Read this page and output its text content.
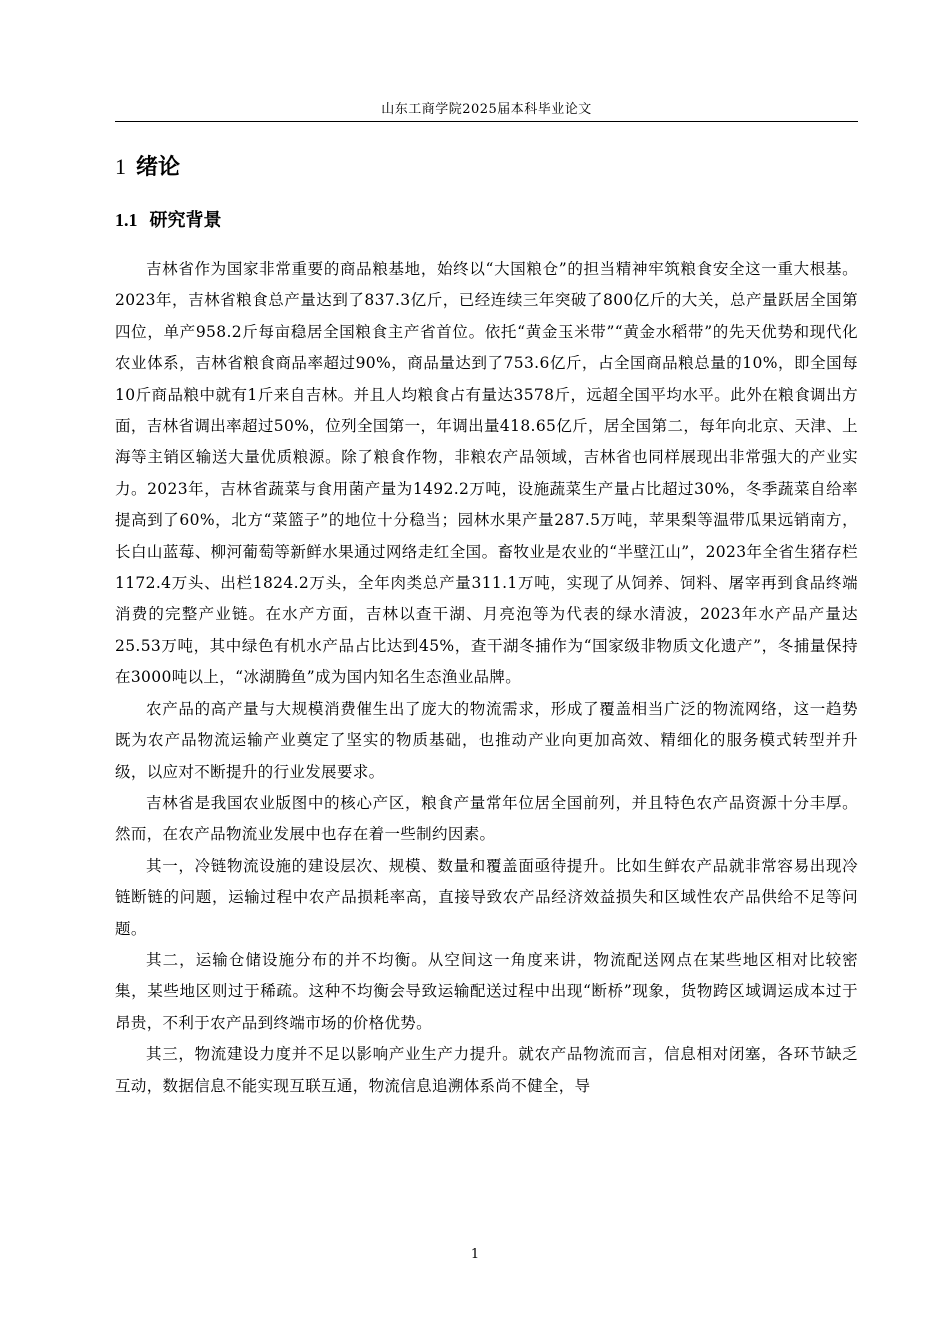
山东工商学院2025届本科毕业论文
1 绪论
1.1 研究背景

吉林省作为国家非常重要的商品粮基地，始终以“大国粮仓”的担当精神牢筑粮食安全这一重大根基。2023年，吉林省粮食总产量达到了837.3亿斤，已经连续三年突破了800亿斤的大关，总产量跃居全国第四位，单产958.2斤每亩稳居全国粮食主产省首位。依托“黄金玉米带”“黄金水稻带”的先天优势和现代化农业体系，吉林省粮食商品率超过90%，商品量达到了753.6亿斤，占全国商品粮总量的10%，即全国每10斤商品粮中就有1斤来自吉林。并且人均粮食占有量达3578斤，远超全国平均水平。此外在粮食调出方面，吉林省调出率超过50%，位列全国第一，年调出量418.65亿斤，居全国第二，每年向北京、天津、上海等主销区输送大量优质粮源。除了粮食作物，非粮农产品领域，吉林省也同样展现出非常强大的产业实力。2023年，吉林省蔬菜与食用菌产量为1492.2万吨，设施蔬菜生产量占比超过30%，冬季蔬菜自给率提高到了60%，北方“菜篮子”的地位十分稳当；园林水果产量287.5万吨，苹果梨等温带瓜果远销南方，长白山蓝莓、柳河葡萄等新鲜水果通过网络走红全国。畜牧业是农业的“半壁江山”，2023年全省生猪存栏1172.4万头、出栏1824.2万头，全年肉类总产量311.1万吨，实现了从饲养、饲料、屠宰再到食品终端消费的完整产业链。在水产方面，吉林以查干湖、月亮泡等为代表的绿水清波，2023年水产品产量达25.53万吨，其中绿色有机水产品占比达到45%，查干湖冬捕作为“国家级非物质文化遗产”，冬捕量保持在3000吨以上，“冰湖腾鱼”成为国内知名生态渔业品牌。

农产品的高产量与大规模消费催生出了庞大的物流需求，形成了覆盖相当广泛的物流网络，这一趋势既为农产品物流运输产业奠定了坚实的物质基础，也推动产业向更加高效、精细化的服务模式转型并升级，以应对不断提升的行业发展要求。

吉林省是我国农业版图中的核心产区，粮食产量常年位居全国前列，并且特色农产品资源十分丰厚。然而，在农产品物流业发展中也存在着一些制约因素。

其一，冷链物流设施的建设层次、规模、数量和覆盖面亟待提升。比如生鲜农产品就非常容易出现冷链断链的问题，运输过程中农产品损耗率高，直接导致农产品经济效益损失和区域性农产品供给不足等问题。

其二，运输仓储设施分布的并不均衡。从空间这一角度来讲，物流配送网点在某些地区相对比较密集，某些地区则过于稀疏。这种不均衡会导致运输配送过程中出现“断桥”现象，货物跨区域调运成本过于昂贵，不利于农产品到终端市场的价格优势。

其三，物流建设力度并不足以影响产业生产力提升。就农产品物流而言，信息相对闭塞，各环节缺乏互动，数据信息不能实现互联互通，物流信息追溯体系尚不健全，导

1
